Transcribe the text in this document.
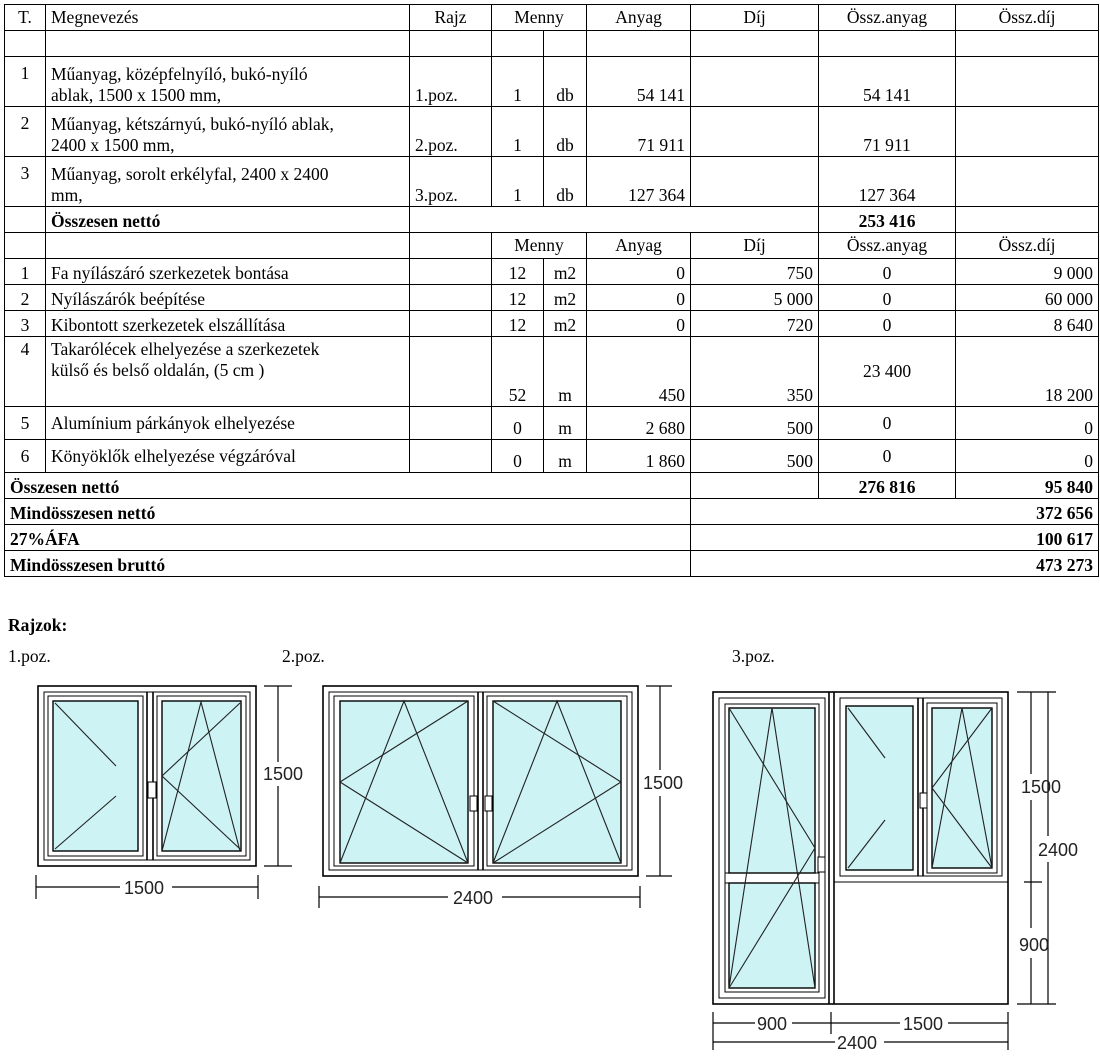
T.	Megnevezés	Rajz	Menny		Anyag	Díj	Össz.anyag	Össz.díj

1	Műanyag, középfelnyíló, bukó-nyíló
ablak, 1500 x 1500 mm,	1.poz.	1	db	54 141		54 141	
2	Műanyag, kétszárnyú, bukó-nyíló ablak,
2400 x 1500 mm,	2.poz.	1	db	71 911		71 911	
3	Műanyag, sorolt erkélyfal, 2400 x 2400
mm,	3.poz.	1	db	127 364		127 364	
	Összesen nettó						253 416	
			Menny		Anyag	Díj	Össz.anyag	Össz.díj
1	Fa nyílászáró szerkezetek bontása		12	m2	0	750	0	9 000
2	Nyílászárók beépítése		12	m2	0	5 000	0	60 000
3	Kibontott szerkezetek elszállítása		12	m2	0	720	0	8 640
4	Takarólécek elhelyezése a szerkezetek
külső és belső oldalán, (5 cm )		52	m	450	350	23 400	18 200
5	Alumínium párkányok elhelyezése		0	m	2 680	500	0	0
6	Könyöklők elhelyezése végzáróval		0	m	1 860	500	0	0
Összesen nettó							276 816	95 840
Mindösszesen nettó						372 656		
27%ÁFA						100 617		
Mindösszesen bruttó						473 273		
Rajzok:
1.poz.	2.poz.	3.poz.
1500
1500
1500
2400
1500
2400
900
900	1500
2400
